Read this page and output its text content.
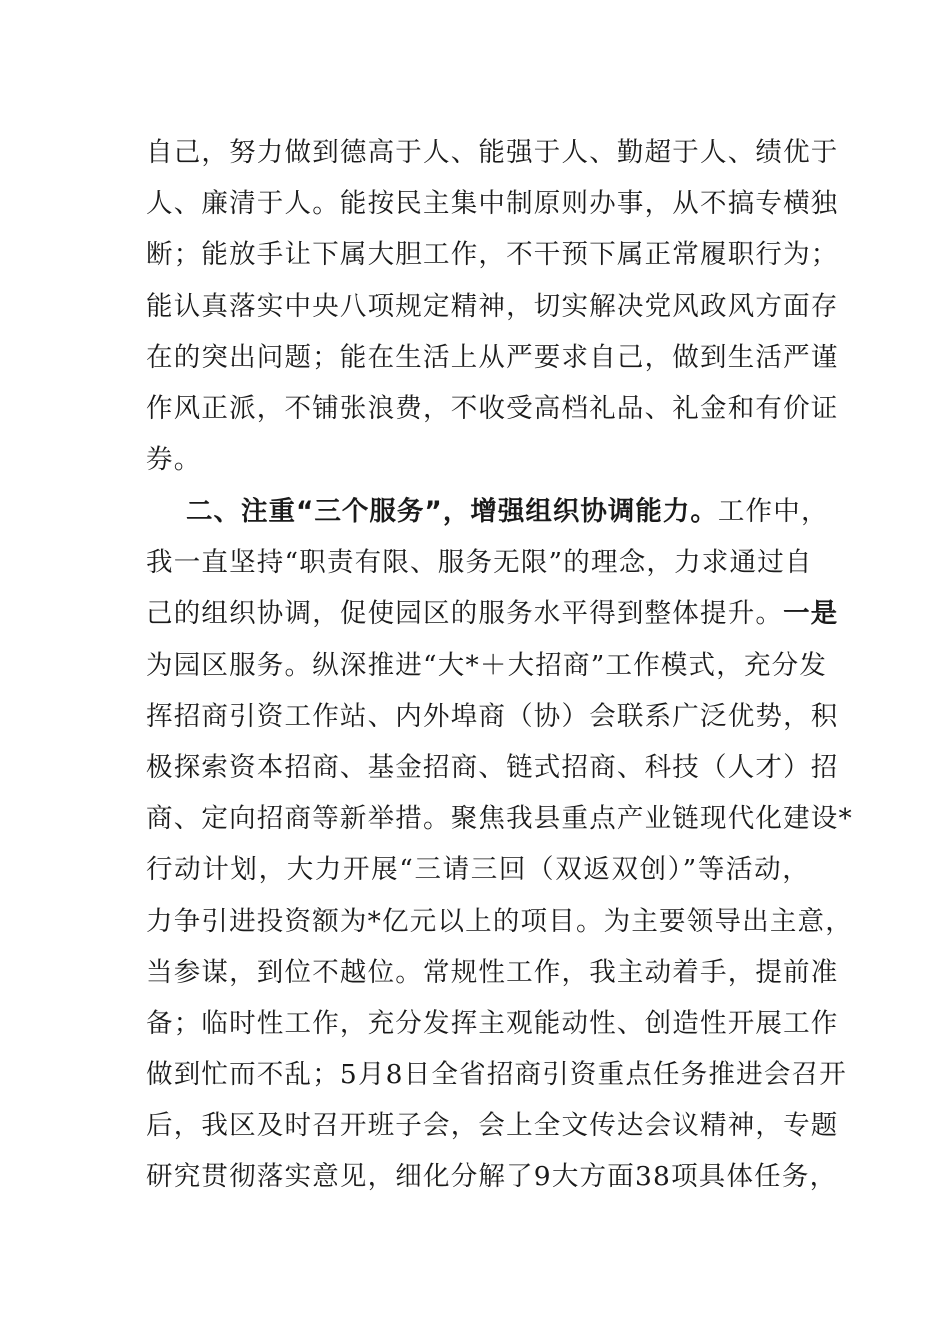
自己，努力做到德高于人、能强于人、勤超于人、绩优于
人、廉清于人。能按民主集中制原则办事，从不搞专横独
断；能放手让下属大胆工作，不干预下属正常履职行为；
能认真落实中央八项规定精神，切实解决党风政风方面存
在的突出问题；能在生活上从严要求自己，做到生活严谨
作风正派，不铺张浪费，不收受高档礼品、礼金和有价证
券。
二、注重“三个服务”，增强组织协调能力。工作中，
我一直坚持“职责有限、服务无限”的理念，力求通过自
己的组织协调，促使园区的服务水平得到整体提升。一是
为园区服务。纵深推进“大*＋大招商”工作模式，充分发
挥招商引资工作站、内外埠商（协）会联系广泛优势，积
极探索资本招商、基金招商、链式招商、科技（人才）招
商、定向招商等新举措。聚焦我县重点产业链现代化建设*
行动计划，大力开展“三请三回（双返双创）”等活动，
力争引进投资额为*亿元以上的项目。为主要领导出主意，
当参谋，到位不越位。常规性工作，我主动着手，提前准
备；临时性工作，充分发挥主观能动性、创造性开展工作
做到忙而不乱；5月8日全省招商引资重点任务推进会召开
后，我区及时召开班子会，会上全文传达会议精神，专题
研究贯彻落实意见，细化分解了9大方面38项具体任务，
